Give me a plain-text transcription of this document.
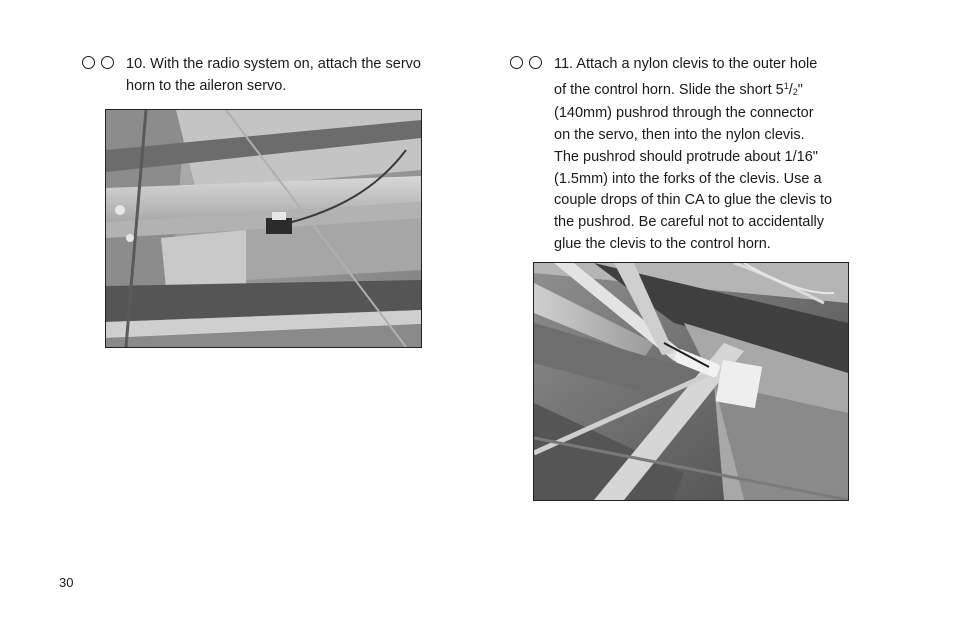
10. With the radio system on, attach the servo
horn to the aileron servo.
11. Attach a nylon clevis to the outer hole
of the control horn. Slide the short $5^1/_2$"
(140mm) pushrod through the connector
on the servo, then into the nylon clevis.
The pushrod should protrude about 1/16"
(1.5mm) into the forks of the clevis. Use a
couple drops of thin CA to glue the clevis to
the pushrod. Be careful not to accidentally
glue the clevis to the control horn.
30
